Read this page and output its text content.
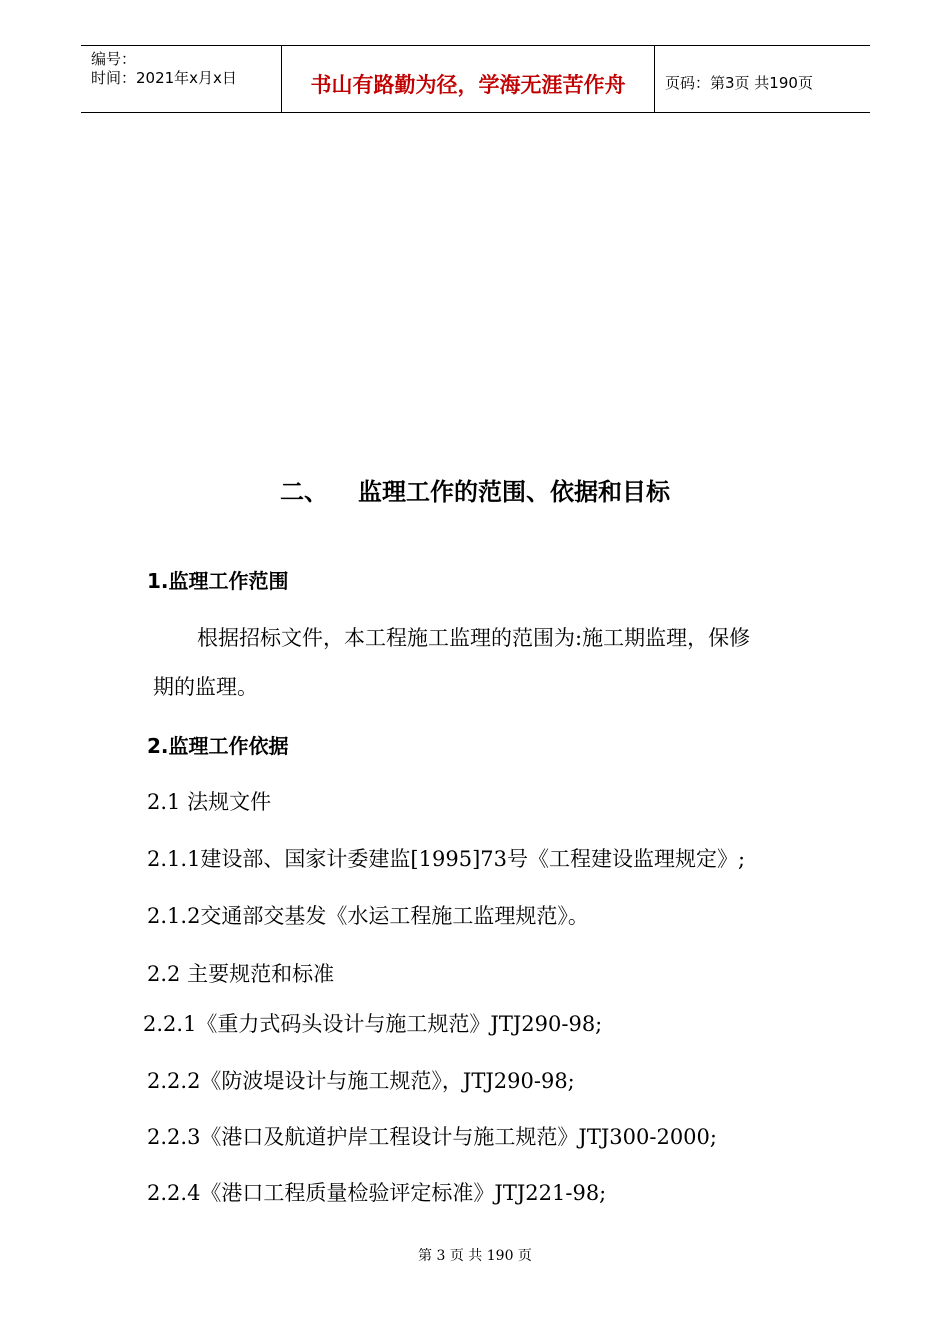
编号：
时间：2021年x月x日	书山有路勤为径，学海无涯苦作舟	页码：第3页 共190页
二、 监理工作的范围、依据和目标
1.监理工作范围
根据招标文件，本工程施工监理的范围为:施工期监理，保修
期的监理。
2.监理工作依据
2.1 法规文件
2.1.1建设部、国家计委建监[1995]73号《工程建设监理规定》;
2.1.2交通部交基发《水运工程施工监理规范》。
2.2 主要规范和标准
2.2.1《重力式码头设计与施工规范》JTJ290-98;
2.2.2《防波堤设计与施工规范》，JTJ290-98;
2.2.3《港口及航道护岸工程设计与施工规范》JTJ300-2000;
2.2.4《港口工程质量检验评定标准》JTJ221-98;
第 3 页 共 190 页
